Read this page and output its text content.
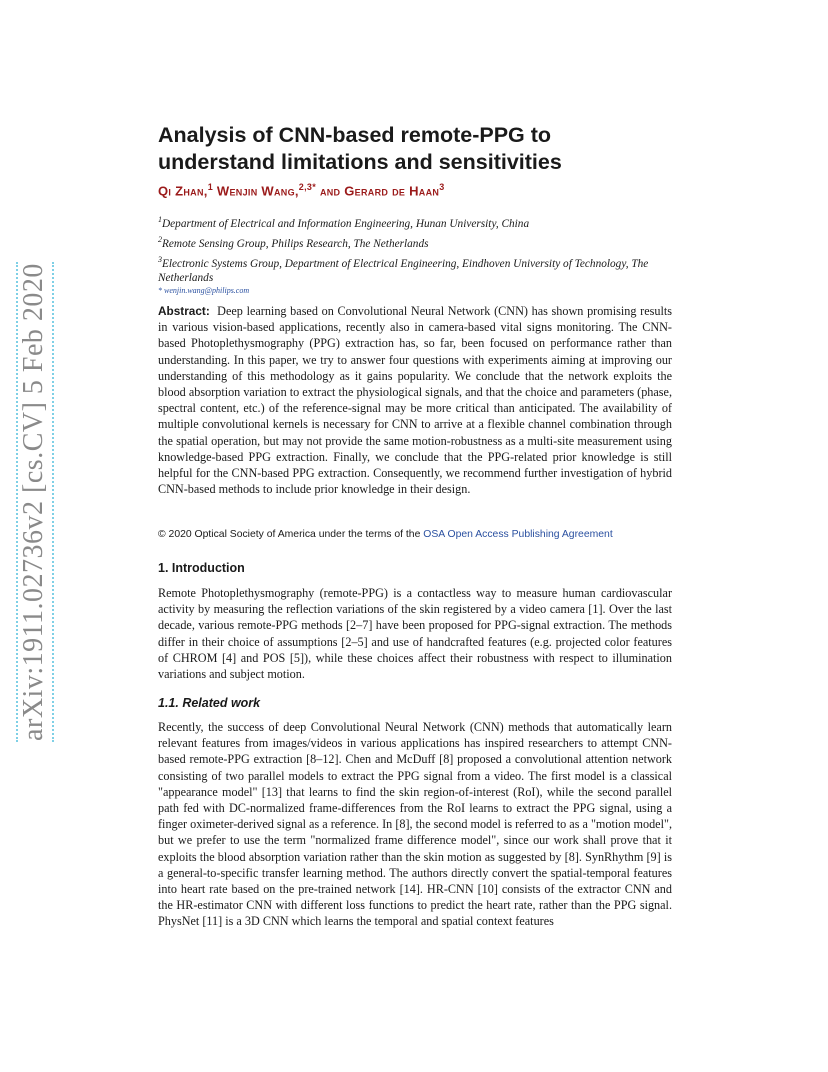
arXiv:1911.02736v2 [cs.CV] 5 Feb 2020
Analysis of CNN-based remote-PPG to understand limitations and sensitivities

Qi Zhan,$^1$ Wenjin Wang,$^{2,3*}$ and Gerard de Haan$^3$

$^1$Department of Electrical and Information Engineering, Hunan University, China
$^2$Remote Sensing Group, Philips Research, The Netherlands
$^3$Electronic Systems Group, Department of Electrical Engineering, Eindhoven University of Technology, The Netherlands
* wenjin.wang@philips.com

Abstract: Deep learning based on Convolutional Neural Network (CNN) has shown promising results in various vision-based applications, recently also in camera-based vital signs monitoring. The CNN-based Photoplethysmography (PPG) extraction has, so far, been focused on performance rather than understanding. In this paper, we try to answer four questions with experiments aiming at improving our understanding of this methodology as it gains popularity. We conclude that the network exploits the blood absorption variation to extract the physiological signals, and that the choice and parameters (phase, spectral content, etc.) of the reference-signal may be more critical than anticipated. The availability of multiple convolutional kernels is necessary for CNN to arrive at a flexible channel combination through the spatial operation, but may not provide the same motion-robustness as a multi-site measurement using knowledge-based PPG extraction. Finally, we conclude that the PPG-related prior knowledge is still helpful for the CNN-based PPG extraction. Consequently, we recommend further investigation of hybrid CNN-based methods to include prior knowledge in their design.

© 2020 Optical Society of America under the terms of the OSA Open Access Publishing Agreement

1. Introduction

Remote Photoplethysmography (remote-PPG) is a contactless way to measure human cardiovascular activity by measuring the reflection variations of the skin registered by a video camera [1]. Over the last decade, various remote-PPG methods [2–7] have been proposed for PPG-signal extraction. The methods differ in their choice of assumptions [2–5] and use of handcrafted features (e.g. projected color features of CHROM [4] and POS [5]), while these choices affect their robustness with respect to illumination variations and subject motion.

1.1. Related work

Recently, the success of deep Convolutional Neural Network (CNN) methods that automatically learn relevant features from images/videos in various applications has inspired researchers to attempt CNN-based remote-PPG extraction [8–12]. Chen and McDuff [8] proposed a convolutional attention network consisting of two parallel models to extract the PPG signal from a video. The first model is a classical "appearance model" [13] that learns to find the skin region-of-interest (RoI), while the second parallel path fed with DC-normalized frame-differences from the RoI learns to extract the PPG signal, using a finger oximeter-derived signal as a reference. In [8], the second model is referred to as a "motion model", but we prefer to use the term "normalized frame difference model", since our work shall prove that it exploits the blood absorption variation rather than the skin motion as suggested by [8]. SynRhythm [9] is a general-to-specific transfer learning method. The authors directly convert the spatial-temporal features into heart rate based on the pre-trained network [14]. HR-CNN [10] consists of the extractor CNN and the HR-estimator CNN with different loss functions to predict the heart rate, rather than the PPG signal. PhysNet [11] is a 3D CNN which learns the temporal and spatial context features
